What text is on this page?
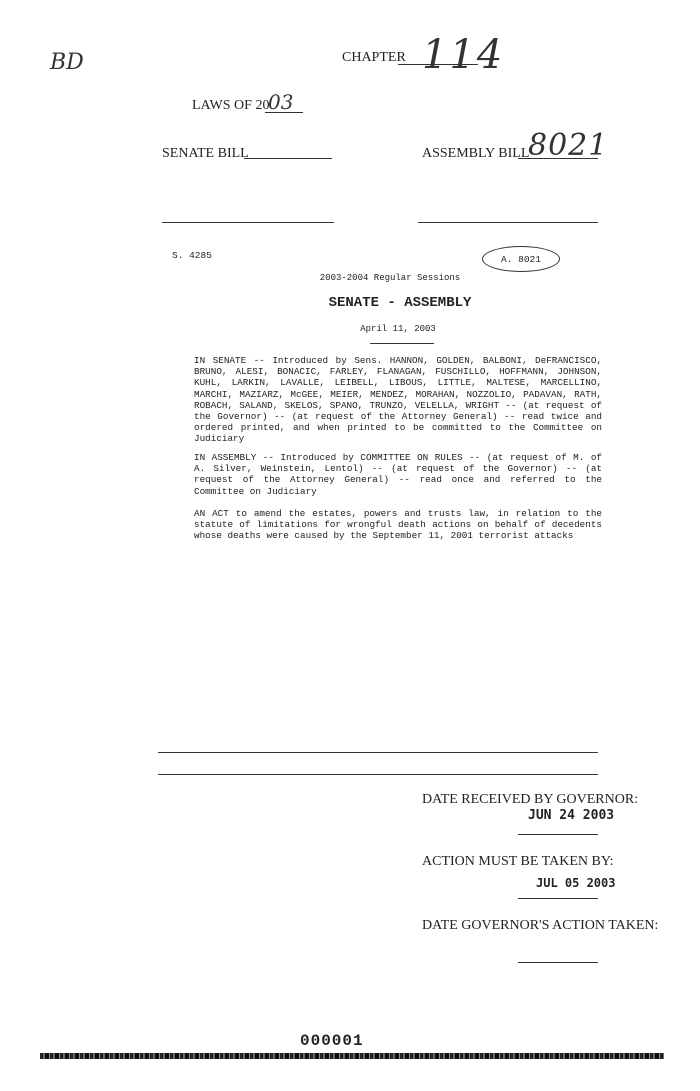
BD	CHAPTER 114
LAWS OF 20
03
SENATE BILL	ASSEMBLY BILL
8021
S. 4285	A. 8021
2003-2004 Regular Sessions
SENATE - ASSEMBLY
April 11, 2003

IN SENATE -- Introduced by Sens. HANNON, GOLDEN, BALBONI, DeFRANCISCO, BRUNO, ALESI, BONACIC, FARLEY, FLANAGAN, FUSCHILLO, HOFFMANN, JOHNSON, KUHL, LARKIN, LAVALLE, LEIBELL, LIBOUS, LITTLE, MALTESE, MARCELLINO, MARCHI, MAZIARZ, McGEE, MEIER, MENDEZ, MORAHAN, NOZZOLIO, PADAVAN, RATH, ROBACH, SALAND, SKELOS, SPANO, TRUNZO, VELELLA, WRIGHT -- (at request of the Governor) -- (at request of the Attorney General) -- read twice and ordered printed, and when printed to be committed to the Committee on Judiciary

IN ASSEMBLY -- Introduced by COMMITTEE ON RULES -- (at request of M. of A. Silver, Weinstein, Lentol) -- (at request of the Governor) -- (at request of the Attorney General) -- read once and referred to the Committee on Judiciary

AN ACT to amend the estates, powers and trusts law, in relation to the statute of limitations for wrongful death actions on behalf of decedents whose deaths were caused by the September 11, 2001 terrorist attacks

DATE RECEIVED BY GOVERNOR:
JUN 24 2003
ACTION MUST BE TAKEN BY:
JUL 05 2003
DATE GOVERNOR'S ACTION TAKEN:
000001
